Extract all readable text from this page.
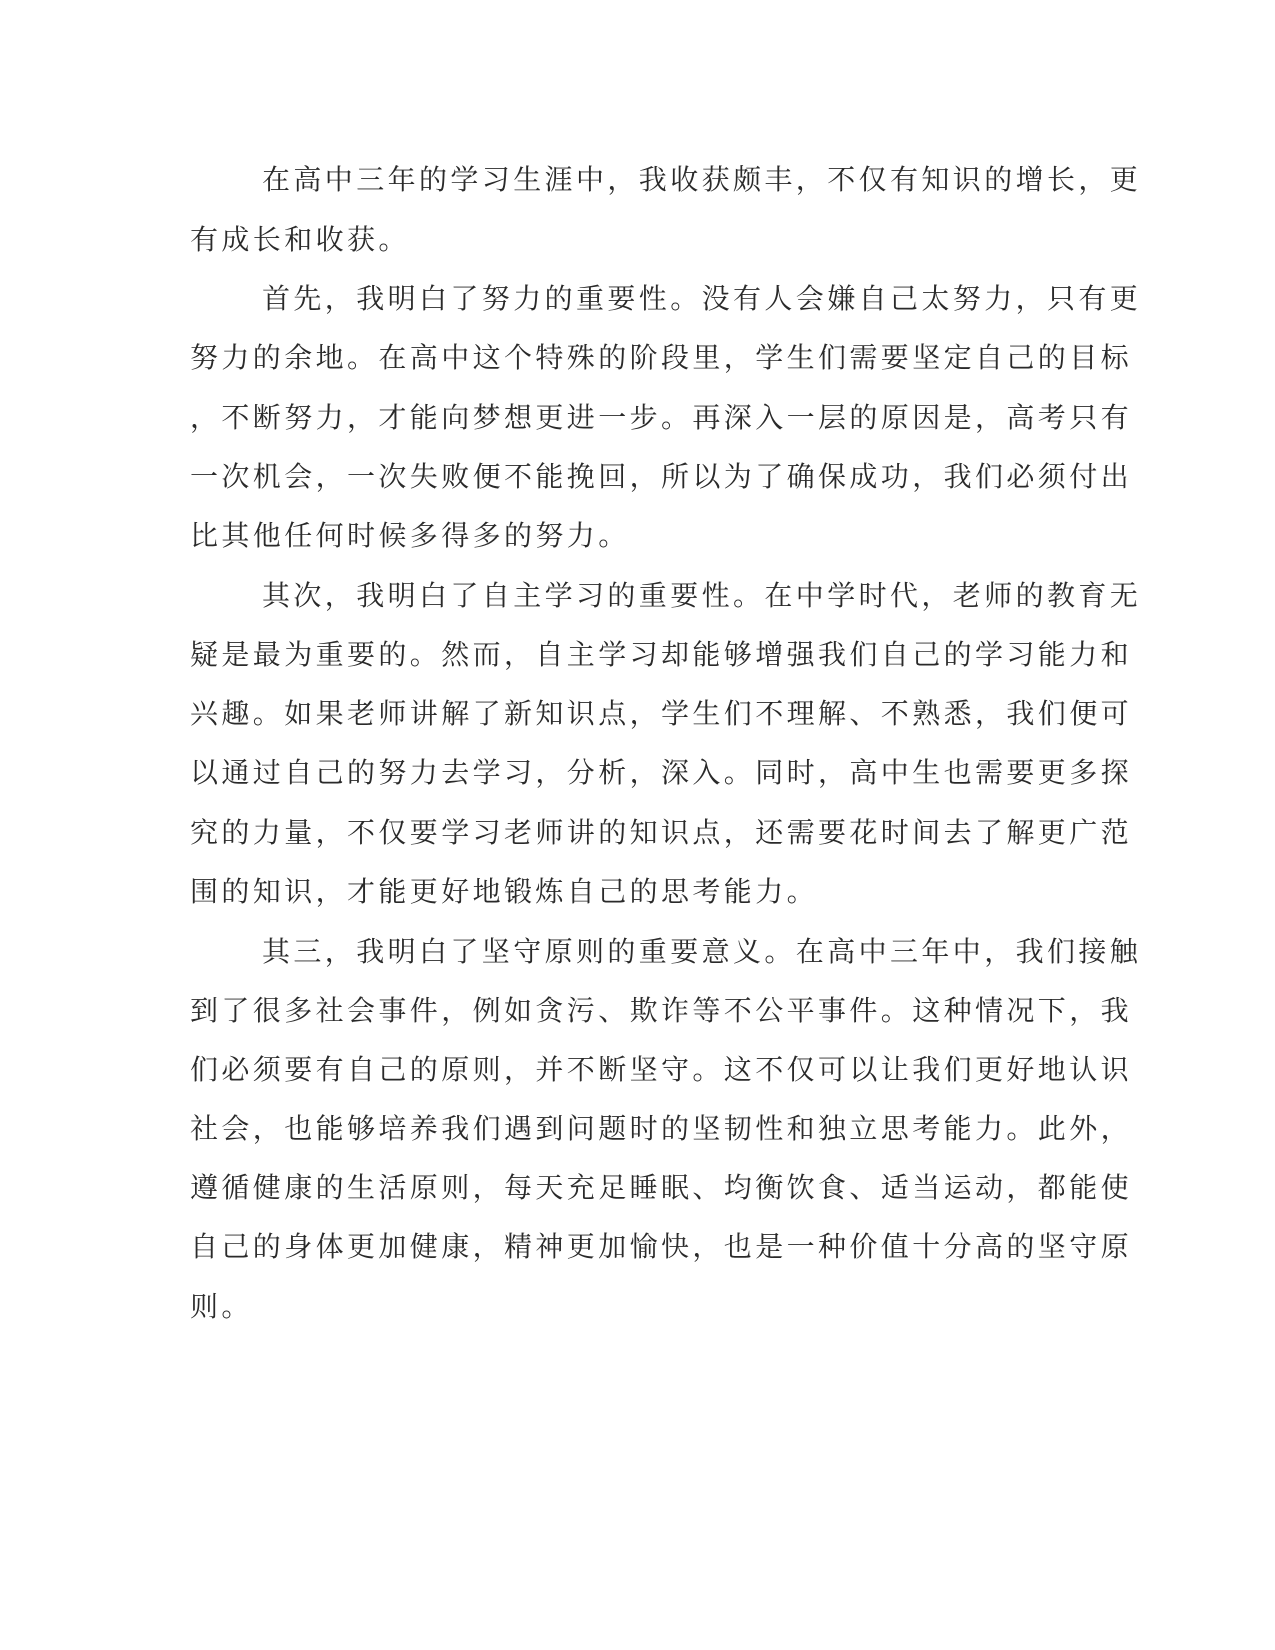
在高中三年的学习生涯中，我收获颇丰，不仅有知识的增长，更

有成长和收获。

首先，我明白了努力的重要性。没有人会嫌自己太努力，只有更

努力的余地。在高中这个特殊的阶段里，学生们需要坚定自己的目标

，不断努力，才能向梦想更进一步。再深入一层的原因是，高考只有

一次机会，一次失败便不能挽回，所以为了确保成功，我们必须付出

比其他任何时候多得多的努力。

其次，我明白了自主学习的重要性。在中学时代，老师的教育无

疑是最为重要的。然而，自主学习却能够增强我们自己的学习能力和

兴趣。如果老师讲解了新知识点，学生们不理解、不熟悉，我们便可

以通过自己的努力去学习，分析，深入。同时，高中生也需要更多探

究的力量，不仅要学习老师讲的知识点，还需要花时间去了解更广范

围的知识，才能更好地锻炼自己的思考能力。

其三，我明白了坚守原则的重要意义。在高中三年中，我们接触

到了很多社会事件，例如贪污、欺诈等不公平事件。这种情况下，我

们必须要有自己的原则，并不断坚守。这不仅可以让我们更好地认识

社会，也能够培养我们遇到问题时的坚韧性和独立思考能力。此外，

遵循健康的生活原则，每天充足睡眠、均衡饮食、适当运动，都能使

自己的身体更加健康，精神更加愉快，也是一种价值十分高的坚守原

则。
